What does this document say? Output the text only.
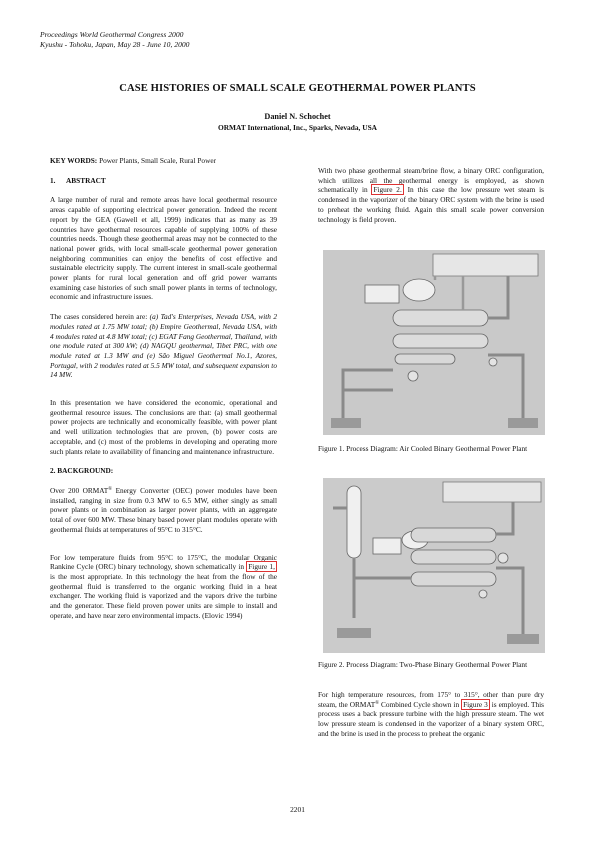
Proceedings World Geothermal Congress 2000
Kyushu - Tohoku, Japan, May 28 - June 10, 2000
CASE HISTORIES OF SMALL SCALE GEOTHERMAL POWER PLANTS
Daniel N. Schochet
ORMAT International, Inc., Sparks, Nevada, USA

KEY WORDS: Power Plants, Small Scale, Rural Power

1.      ABSTRACT

A large number of rural and remote areas have local geothermal resource areas capable of supporting electrical power generation. Indeed the recent report by the GEA (Gawell et all, 1999) indicates that as many as 39 countries have geothermal resources capable of supplying 100% of these countries needs. Though these geothermal areas may not be connected to the national power grids, with local small-scale geothermal power generation neighboring communities can enjoy the benefits of cost effective and sustainable electricity supply. The current interest in small-scale geothermal power plants for rural local generation and off grid power warrants examining case histories of such small power plants in terms of technology, economic and infrastructure issues.

The cases considered herein are: (a) Tad's Enterprises, Nevada USA, with 2 modules rated at 1.75 MW total; (b) Empire Geothermal, Nevada USA, with 4 modules rated at 4.8 MW total; (c) EGAT Fang Geothermal, Thailand, with one module rated at 300 kW; (d) NAGQU geothermal, Tibet PRC, with one module rated at 1.3 MW and (e) São Miguel Geothermal No.1, Azores, Portugal, with 2 modules rated at 5.5 MW total, and subsequent expansion to 14 MW.

In this presentation we have considered the economic, operational and geothermal resource issues. The conclusions are that: (a) small geothermal power projects are technically and economically feasible, with power plant and well utilization technologies that are proven, (b) power costs are acceptable, and (c) most of the problems in developing and operating more such plants relate to availability of financing and maintenance infrastructure.

2. BACKGROUND:

Over 200 ORMAT® Energy Converter (OEC) power modules have been installed, ranging in size from 0.3 MW to 6.5 MW, either singly as small power plants or in combination as larger power plants, with an aggregate total of over 600 MW. These binary based power plant modules operate with geothermal fluids at temperatures of 95°C to 315°C.

For low temperature fluids from 95°C to 175°C, the modular Organic Rankine Cycle (ORC) binary technology, shown schematically in Figure 1, is the most appropriate. In this technology the heat from the flow of the geothermal fluid is transferred to the organic working fluid in a heat exchanger. The working fluid is vaporized and the vapors drive the turbine and the generator. These field proven power units are simple to install and operate, and have near zero environmental impacts. (Elovic 1994)

With two phase geothermal steam/brine flow, a binary ORC configuration, which utilizes all the geothermal energy is employed, as shown schematically in Figure 2. In this case the low pressure wet steam is condensed in the vaporizer of the binary ORC system with the brine is used to preheat the working fluid. Again this small scale power conversion technology is field proven.

Figure 1. Process Diagram: Air Cooled Binary Geothermal Power Plant
Figure 2. Process Diagram: Two-Phase Binary Geothermal Power Plant

For high temperature resources, from 175° to 315°, other than pure dry steam, the ORMAT® Combined Cycle shown in Figure 3 is employed. This process uses a back pressure turbine with the high pressure steam. The wet low pressure steam is condensed in the vaporizer of a binary system ORC, and the brine is used in the process to preheat the organic

2201
